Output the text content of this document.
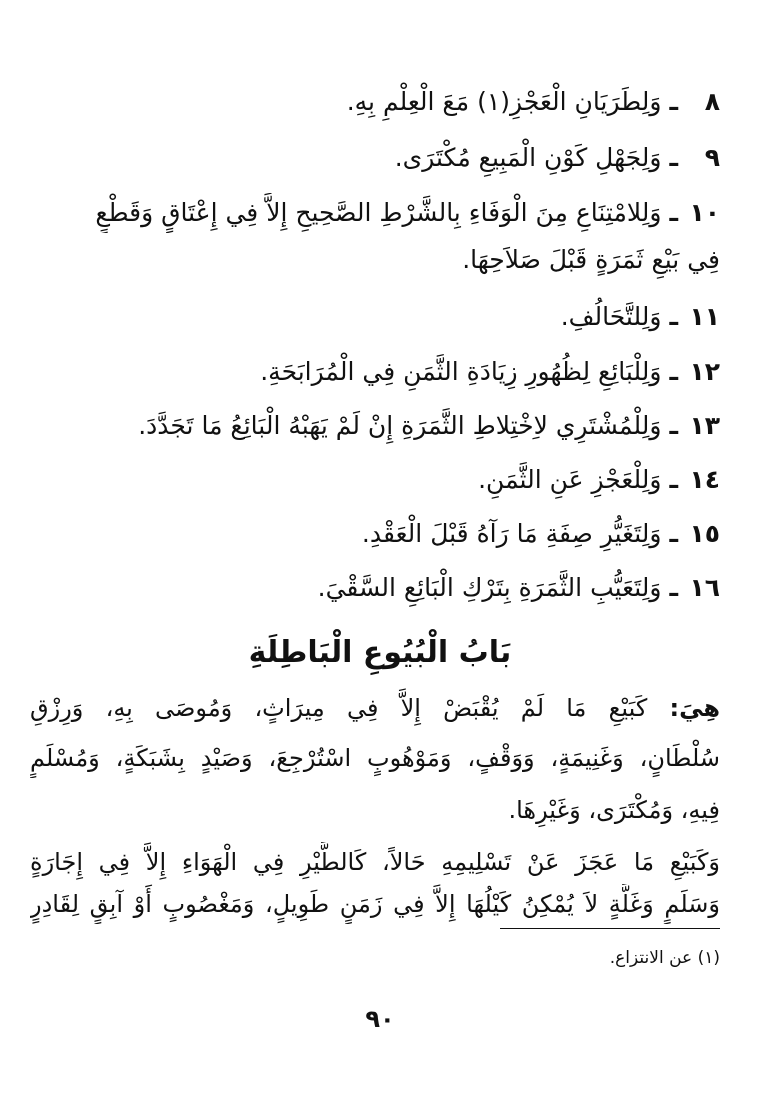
٨ـوَلِطَرَيَانِ الْعَجْزِ(١) مَعَ الْعِلْمِ بِهِ.
٩ـوَلِجَهْلِ كَوْنِ الْمَبِيعِ مُكْتَرَى.
١٠ـوَلِلامْتِنَاعِ مِنَ الْوَفَاءِ بِالشَّرْطِ الصَّحِيحِ إِلاَّ فِي إِعْتَاقٍ وَقَطْعٍ
فِي بَيْعِ ثَمَرَةٍ قَبْلَ صَلاَحِهَا.
١١ـوَلِلتَّحَالُفِ.
١٢ـوَلِلْبَائِعِ لِظُهُورِ زِيَادَةِ الثَّمَنِ فِي الْمُرَابَحَةِ.
١٣ـوَلِلْمُشْتَرِي لاِخْتِلاطِ الثَّمَرَةِ إِنْ لَمْ يَهَبْهُ الْبَائِعُ مَا تَجَدَّدَ.
١٤ـوَلِلْعَجْزِ عَنِ الثَّمَنِ.
١٥ـوَلِتَغَيُّرِ صِفَةِ مَا رَآهُ قَبْلَ الْعَقْدِ.
١٦ـوَلِتَعَيُّبِ الثَّمَرَةِ بِتَرْكِ الْبَائِعِ السَّقْيَ.
بَابُ الْبُيُوعِ الْبَاطِلَةِ
هِيَ: كَبَيْعِ مَا لَمْ يُقْبَضْ إِلاَّ فِي مِيرَاثٍ، وَمُوصَى بِهِ، وَرِزْقِ
سُلْطَانٍ، وَغَنِيمَةٍ، وَوَقْفٍ، وَمَوْهُوبٍ اسْتُرْجِعَ، وَصَيْدٍ بِشَبَكَةٍ، وَمُسْلَمٍ
فِيهِ، وَمُكْتَرَى، وَغَيْرِهَا.
وَكَبَيْعِ مَا عَجَزَ عَنْ تَسْلِيمِهِ حَالاً، كَالطَّيْرِ فِي الْهَوَاءِ إِلاَّ فِي إِجَارَةٍ
وَسَلَمٍ وَغَلَّةٍ لاَ يُمْكِنُ كَيْلُهَا إِلاَّ فِي زَمَنٍ طَوِيلٍ، وَمَغْصُوبٍ أَوْ آبِقٍ لِقَادِرٍ
(١) عن الانتزاع.
٩٠
